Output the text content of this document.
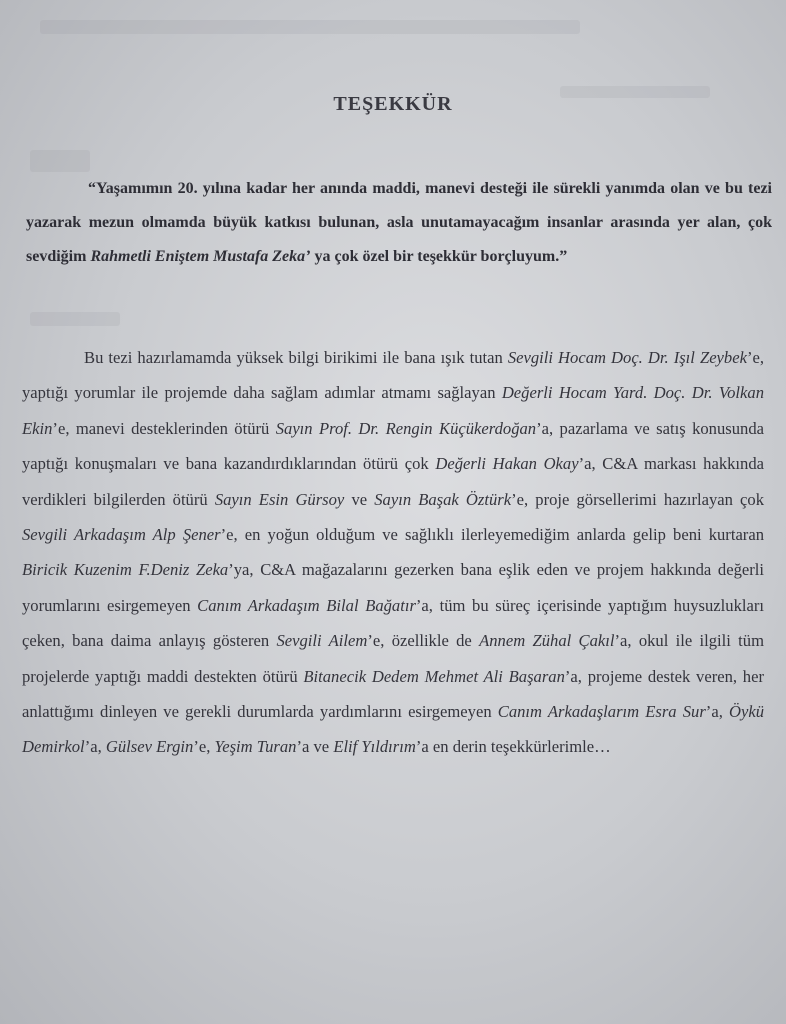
TEŞEKKÜR

“Yaşamımın 20. yılına kadar her anında maddi, manevi desteği ile sürekli yanımda olan ve bu tezi yazarak mezun olmamda büyük katkısı bulunan, asla unutamayacağım insanlar arasında yer alan, çok sevdiğim Rahmetli Eniştem Mustafa Zeka’ ya çok özel bir teşekkür borçluyum.”

Bu tezi hazırlamamda yüksek bilgi birikimi ile bana ışık tutan Sevgili Hocam Doç. Dr. Işıl Zeybek’e, yaptığı yorumlar ile projemde daha sağlam adımlar atmamı sağlayan Değerli Hocam Yard. Doç. Dr. Volkan Ekin’e, manevi desteklerinden ötürü Sayın Prof. Dr. Rengin Küçükerdoğan’a, pazarlama ve satış konusunda yaptığı konuşmaları ve bana kazandırdıklarından ötürü çok Değerli Hakan Okay’a, C&A markası hakkında verdikleri bilgilerden ötürü Sayın Esin Gürsoy ve Sayın Başak Öztürk’e, proje görsellerimi hazırlayan çok Sevgili Arkadaşım Alp Şener’e, en yoğun olduğum ve sağlıklı ilerleyemediğim anlarda gelip beni kurtaran Biricik Kuzenim F.Deniz Zeka’ya, C&A mağazalarını gezerken bana eşlik eden ve projem hakkında değerli yorumlarını esirgemeyen Canım Arkadaşım Bilal Bağatır’a, tüm bu süreç içerisinde yaptığım huysuzlukları çeken, bana daima anlayış gösteren Sevgili Ailem’e, özellikle de Annem Zühal Çakıl’a, okul ile ilgili tüm projelerde yaptığı maddi destekten ötürü Bitanecik Dedem Mehmet Ali Başaran’a, projeme destek veren, her anlattığımı dinleyen ve gerekli durumlarda yardımlarını esirgemeyen Canım Arkadaşlarım Esra Sur’a, Öykü Demirkol’a, Gülsev Ergin’e, Yeşim Turan’a ve Elif Yıldırım’a en derin teşekkürlerimle…
